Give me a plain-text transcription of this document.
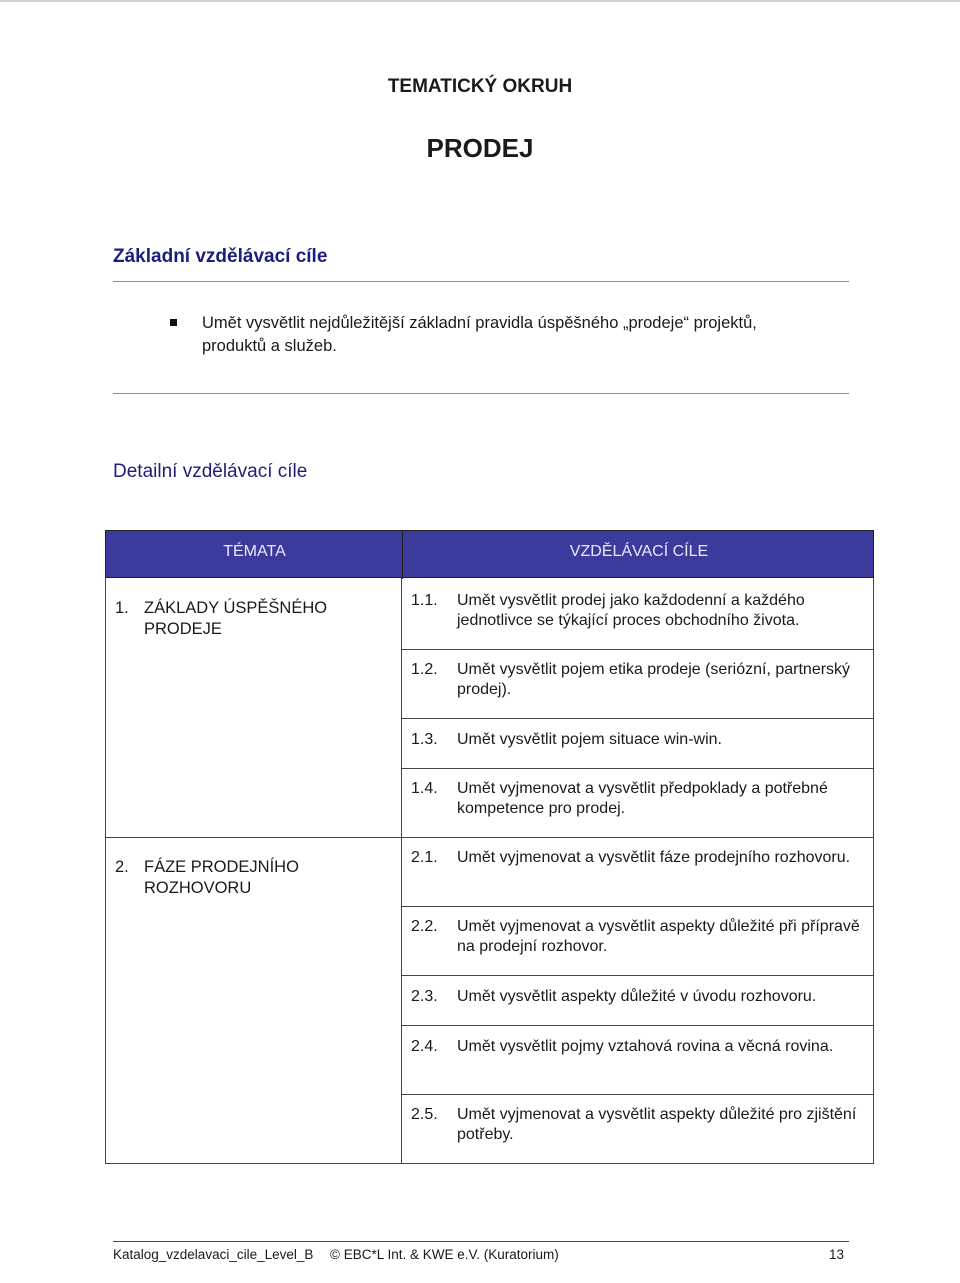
TEMATICKÝ OKRUH
PRODEJ
Základní vzdělávací cíle
Umět vysvětlit nejdůležitější základní pravidla úspěšného „prodeje“ projektů, produktů a služeb.
Detailní vzdělávací cíle
TÉMATA	VZDĚLÁVACÍ CÍLE
1. ZÁKLADY ÚSPĚŠNÉHO PRODEJE
2. FÁZE PRODEJNÍHO ROZHOVORU
1.1. Umět vysvětlit prodej jako každodenní a každého jednotlivce se týkající proces obchodního života.
1.2. Umět vysvětlit pojem etika prodeje (seriózní, partnerský prodej).
1.3. Umět vysvětlit pojem situace win-win.
1.4. Umět vyjmenovat a vysvětlit předpoklady a potřebné kompetence pro prodej.
2.1. Umět vyjmenovat a vysvětlit fáze prodejního rozhovoru.
2.2. Umět vyjmenovat a vysvětlit aspekty důležité při přípravě na prodejní rozhovor.
2.3. Umět vysvětlit aspekty důležité v úvodu rozhovoru.
2.4. Umět vysvětlit pojmy vztahová rovina a věcná rovina.
2.5. Umět vyjmenovat a vysvětlit aspekty důležité pro zjištění potřeby.
Katalog_vzdelavaci_cile_Level_B © EBC*L Int. & KWE e.V. (Kuratorium)	13
